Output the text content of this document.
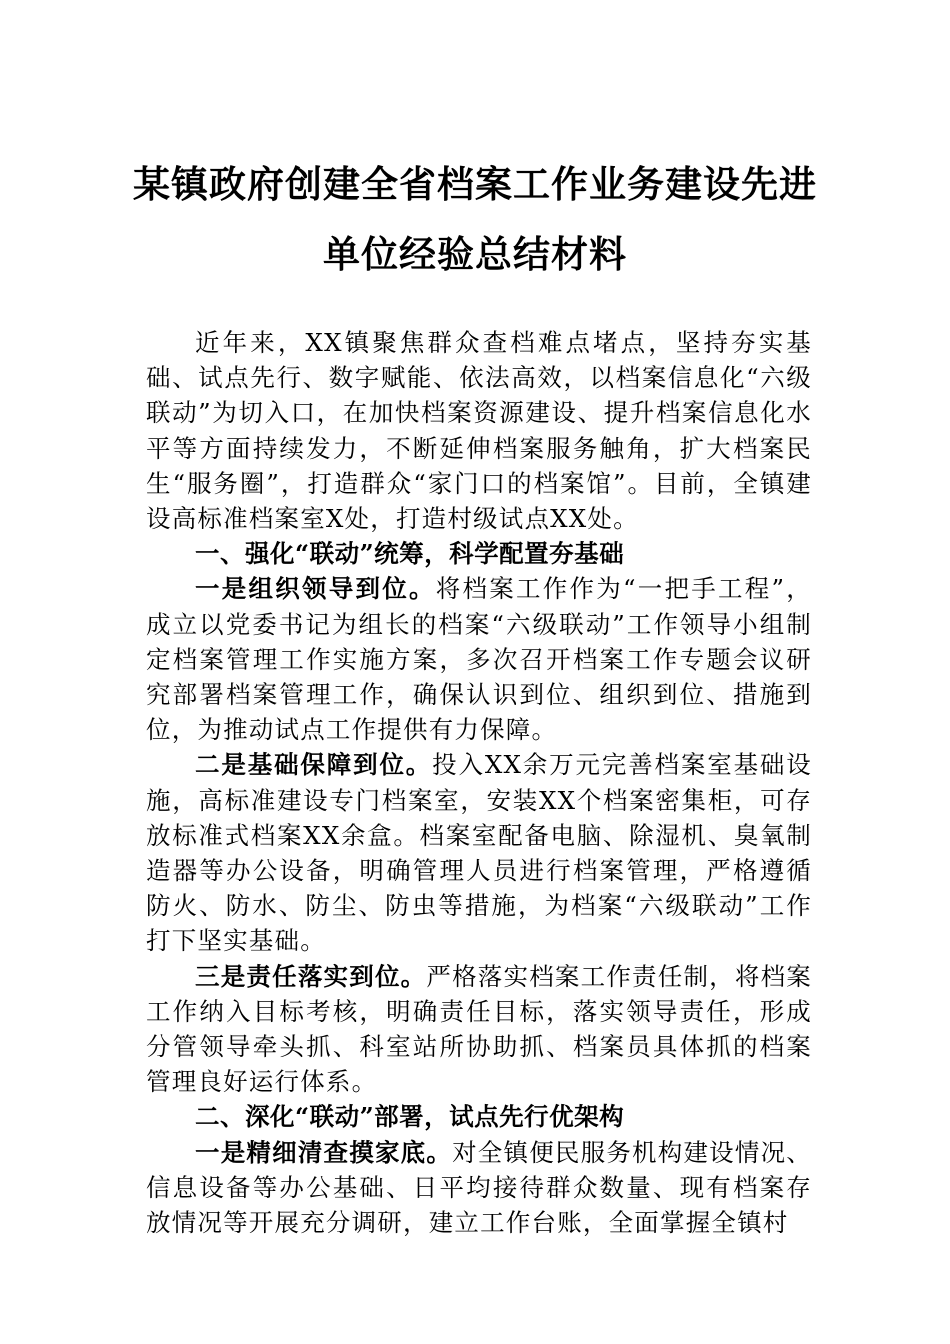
某镇政府创建全省档案工作业务建设先进
单位经验总结材料

近年来，XX镇聚焦群众查档难点堵点，坚持夯实基础、试点先行、数字赋能、依法高效，以档案信息化“六级联动”为切入口，在加快档案资源建设、提升档案信息化水平等方面持续发力，不断延伸档案服务触角，扩大档案民生“服务圈”，打造群众“家门口的档案馆”。目前，全镇建设高标准档案室X处，打造村级试点XX处。

一、强化“联动”统筹，科学配置夯基础

一是组织领导到位。将档案工作作为“一把手工程”，成立以党委书记为组长的档案“六级联动”工作领导小组制定档案管理工作实施方案，多次召开档案工作专题会议研究部署档案管理工作，确保认识到位、组织到位、措施到位，为推动试点工作提供有力保障。

二是基础保障到位。投入XX余万元完善档案室基础设施，高标准建设专门档案室，安装XX个档案密集柜，可存放标准式档案XX余盒。档案室配备电脑、除湿机、臭氧制造器等办公设备，明确管理人员进行档案管理，严格遵循防火、防水、防尘、防虫等措施，为档案“六级联动”工作打下坚实基础。

三是责任落实到位。严格落实档案工作责任制，将档案工作纳入目标考核，明确责任目标，落实领导责任，形成分管领导牵头抓、科室站所协助抓、档案员具体抓的档案管理良好运行体系。

二、深化“联动”部署，试点先行优架构

一是精细清查摸家底。对全镇便民服务机构建设情况、信息设备等办公基础、日平均接待群众数量、现有档案存放情况等开展充分调研，建立工作台账，全面掌握全镇村
